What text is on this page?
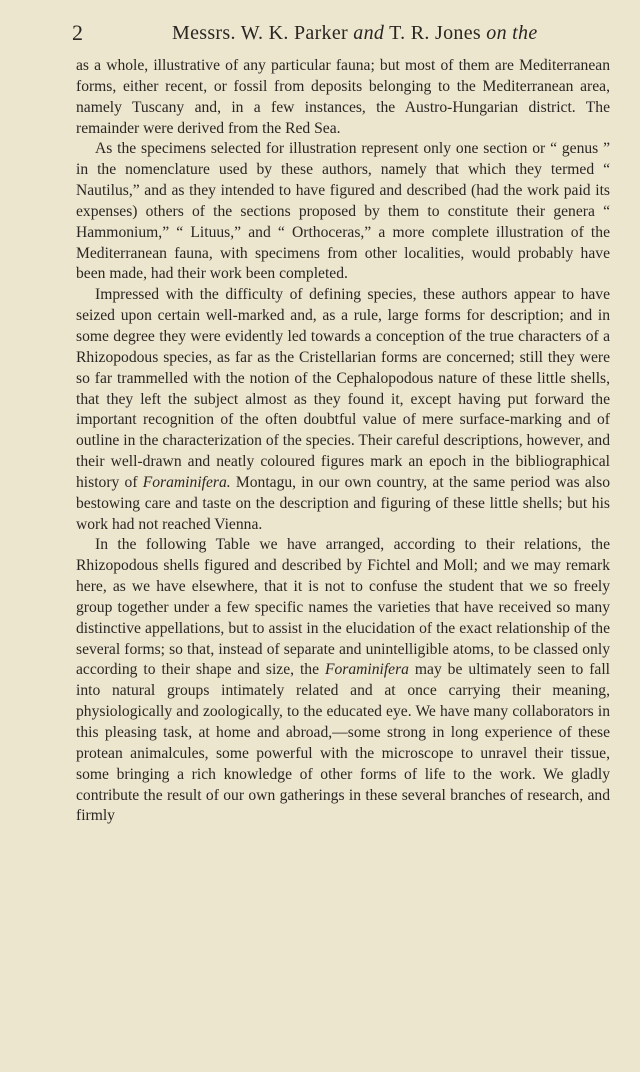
2	Messrs. W. K. Parker and T. R. Jones on the

as a whole, illustrative of any particular fauna; but most of them are Mediterranean forms, either recent, or fossil from deposits belonging to the Mediterranean area, namely Tuscany and, in a few instances, the Austro-Hungarian district. The remainder were derived from the Red Sea.

As the specimens selected for illustration represent only one section or “ genus ” in the nomenclature used by these authors, namely that which they termed “ Nautilus,” and as they intended to have figured and described (had the work paid its expenses) others of the sections proposed by them to constitute their genera “ Hammonium,” “ Lituus,” and “ Orthoceras,” a more complete illustration of the Mediterranean fauna, with specimens from other localities, would probably have been made, had their work been completed.

Impressed with the difficulty of defining species, these authors appear to have seized upon certain well-marked and, as a rule, large forms for description; and in some degree they were evidently led towards a conception of the true characters of a Rhizopodous species, as far as the Cristellarian forms are concerned; still they were so far trammelled with the notion of the Cephalopodous nature of these little shells, that they left the subject almost as they found it, except having put forward the important recognition of the often doubtful value of mere surface-marking and of outline in the characterization of the species. Their careful descriptions, however, and their well-drawn and neatly coloured figures mark an epoch in the bibliographical history of Foraminifera. Montagu, in our own country, at the same period was also bestowing care and taste on the description and figuring of these little shells; but his work had not reached Vienna.

In the following Table we have arranged, according to their relations, the Rhizopodous shells figured and described by Fichtel and Moll; and we may remark here, as we have elsewhere, that it is not to confuse the student that we so freely group together under a few specific names the varieties that have received so many distinctive appellations, but to assist in the elucidation of the exact relationship of the several forms; so that, instead of separate and unintelligible atoms, to be classed only according to their shape and size, the Foraminifera may be ultimately seen to fall into natural groups intimately related and at once carrying their meaning, physiologically and zoologically, to the educated eye. We have many collaborators in this pleasing task, at home and abroad,—some strong in long experience of these protean animalcules, some powerful with the microscope to unravel their tissue, some bringing a rich knowledge of other forms of life to the work. We gladly contribute the result of our own gatherings in these several branches of research, and firmly
